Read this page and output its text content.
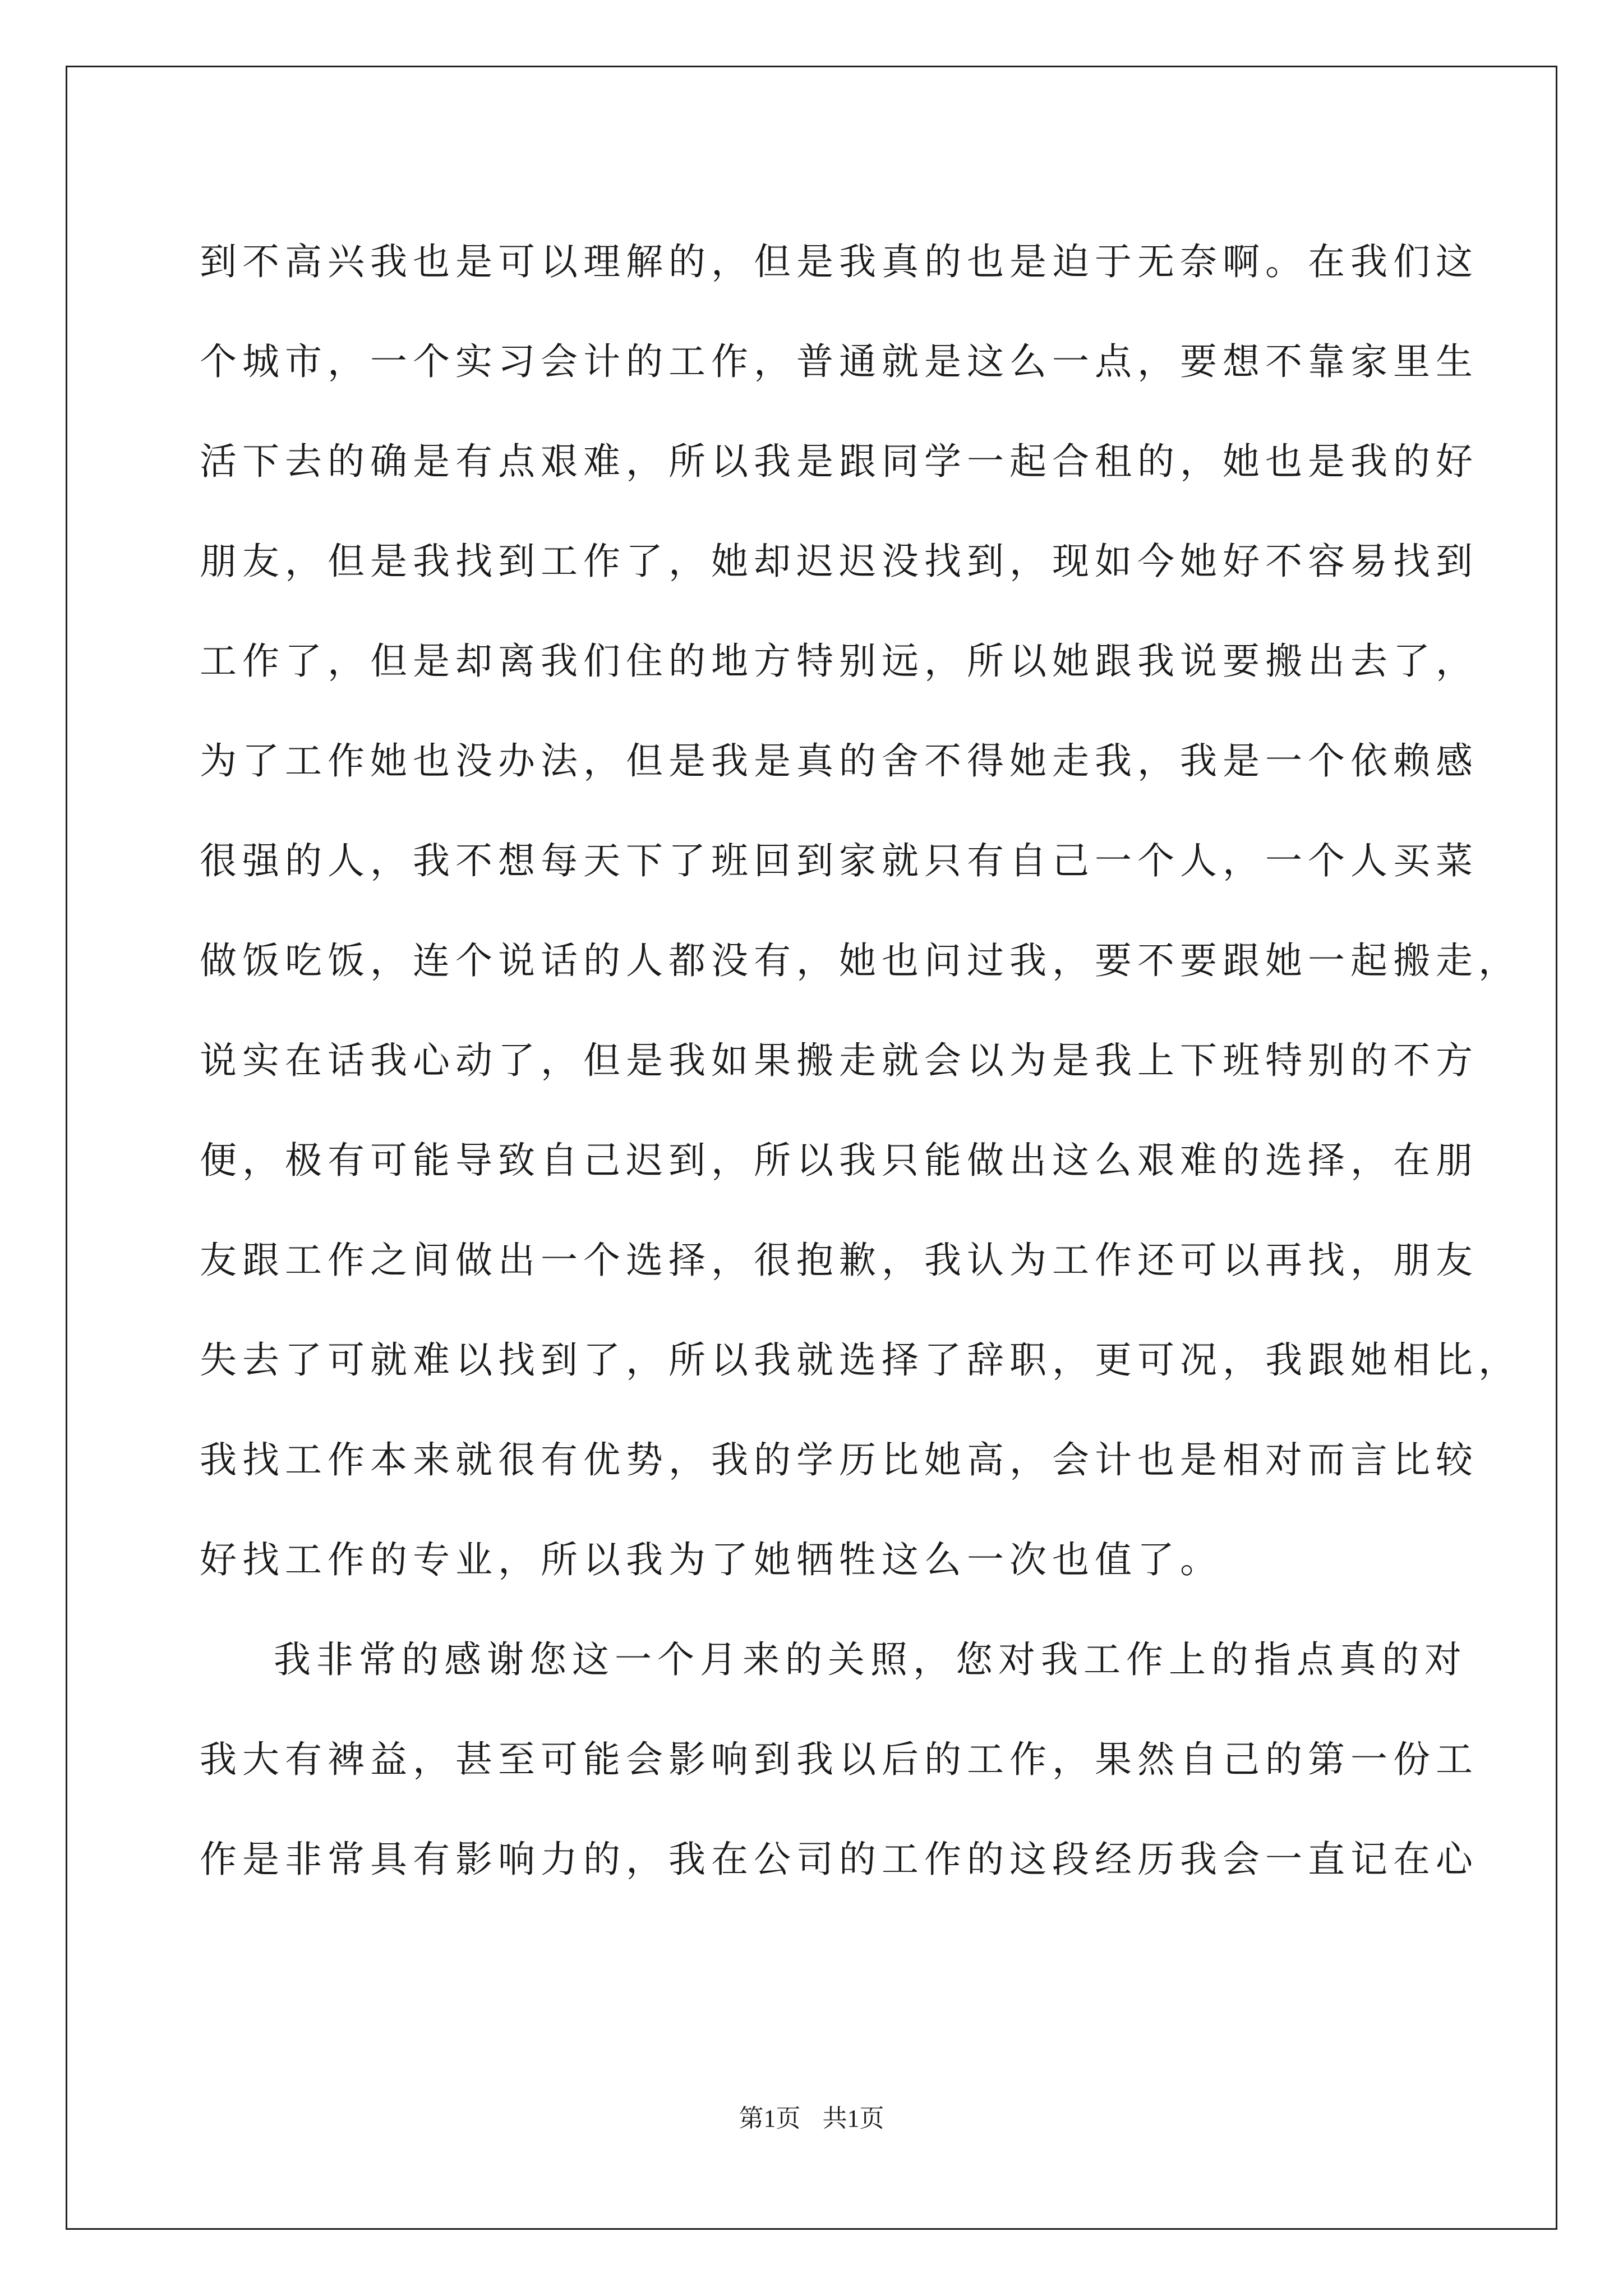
到不高兴我也是可以理解的，但是我真的也是迫于无奈啊。在我们这
个城市，一个实习会计的工作，普通就是这么一点，要想不靠家里生
活下去的确是有点艰难，所以我是跟同学一起合租的，她也是我的好
朋友，但是我找到工作了，她却迟迟没找到，现如今她好不容易找到
工作了，但是却离我们住的地方特别远，所以她跟我说要搬出去了，
为了工作她也没办法，但是我是真的舍不得她走我，我是一个依赖感
很强的人，我不想每天下了班回到家就只有自己一个人，一个人买菜
做饭吃饭，连个说话的人都没有，她也问过我，要不要跟她一起搬走，
说实在话我心动了，但是我如果搬走就会以为是我上下班特别的不方
便，极有可能导致自己迟到，所以我只能做出这么艰难的选择，在朋
友跟工作之间做出一个选择，很抱歉，我认为工作还可以再找，朋友
失去了可就难以找到了，所以我就选择了辞职，更可况，我跟她相比，
我找工作本来就很有优势，我的学历比她高，会计也是相对而言比较
好找工作的专业，所以我为了她牺牲这么一次也值了。
我非常的感谢您这一个月来的关照，您对我工作上的指点真的对
我大有裨益，甚至可能会影响到我以后的工作，果然自己的第一份工
作是非常具有影响力的，我在公司的工作的这段经历我会一直记在心
第1页 共1页
